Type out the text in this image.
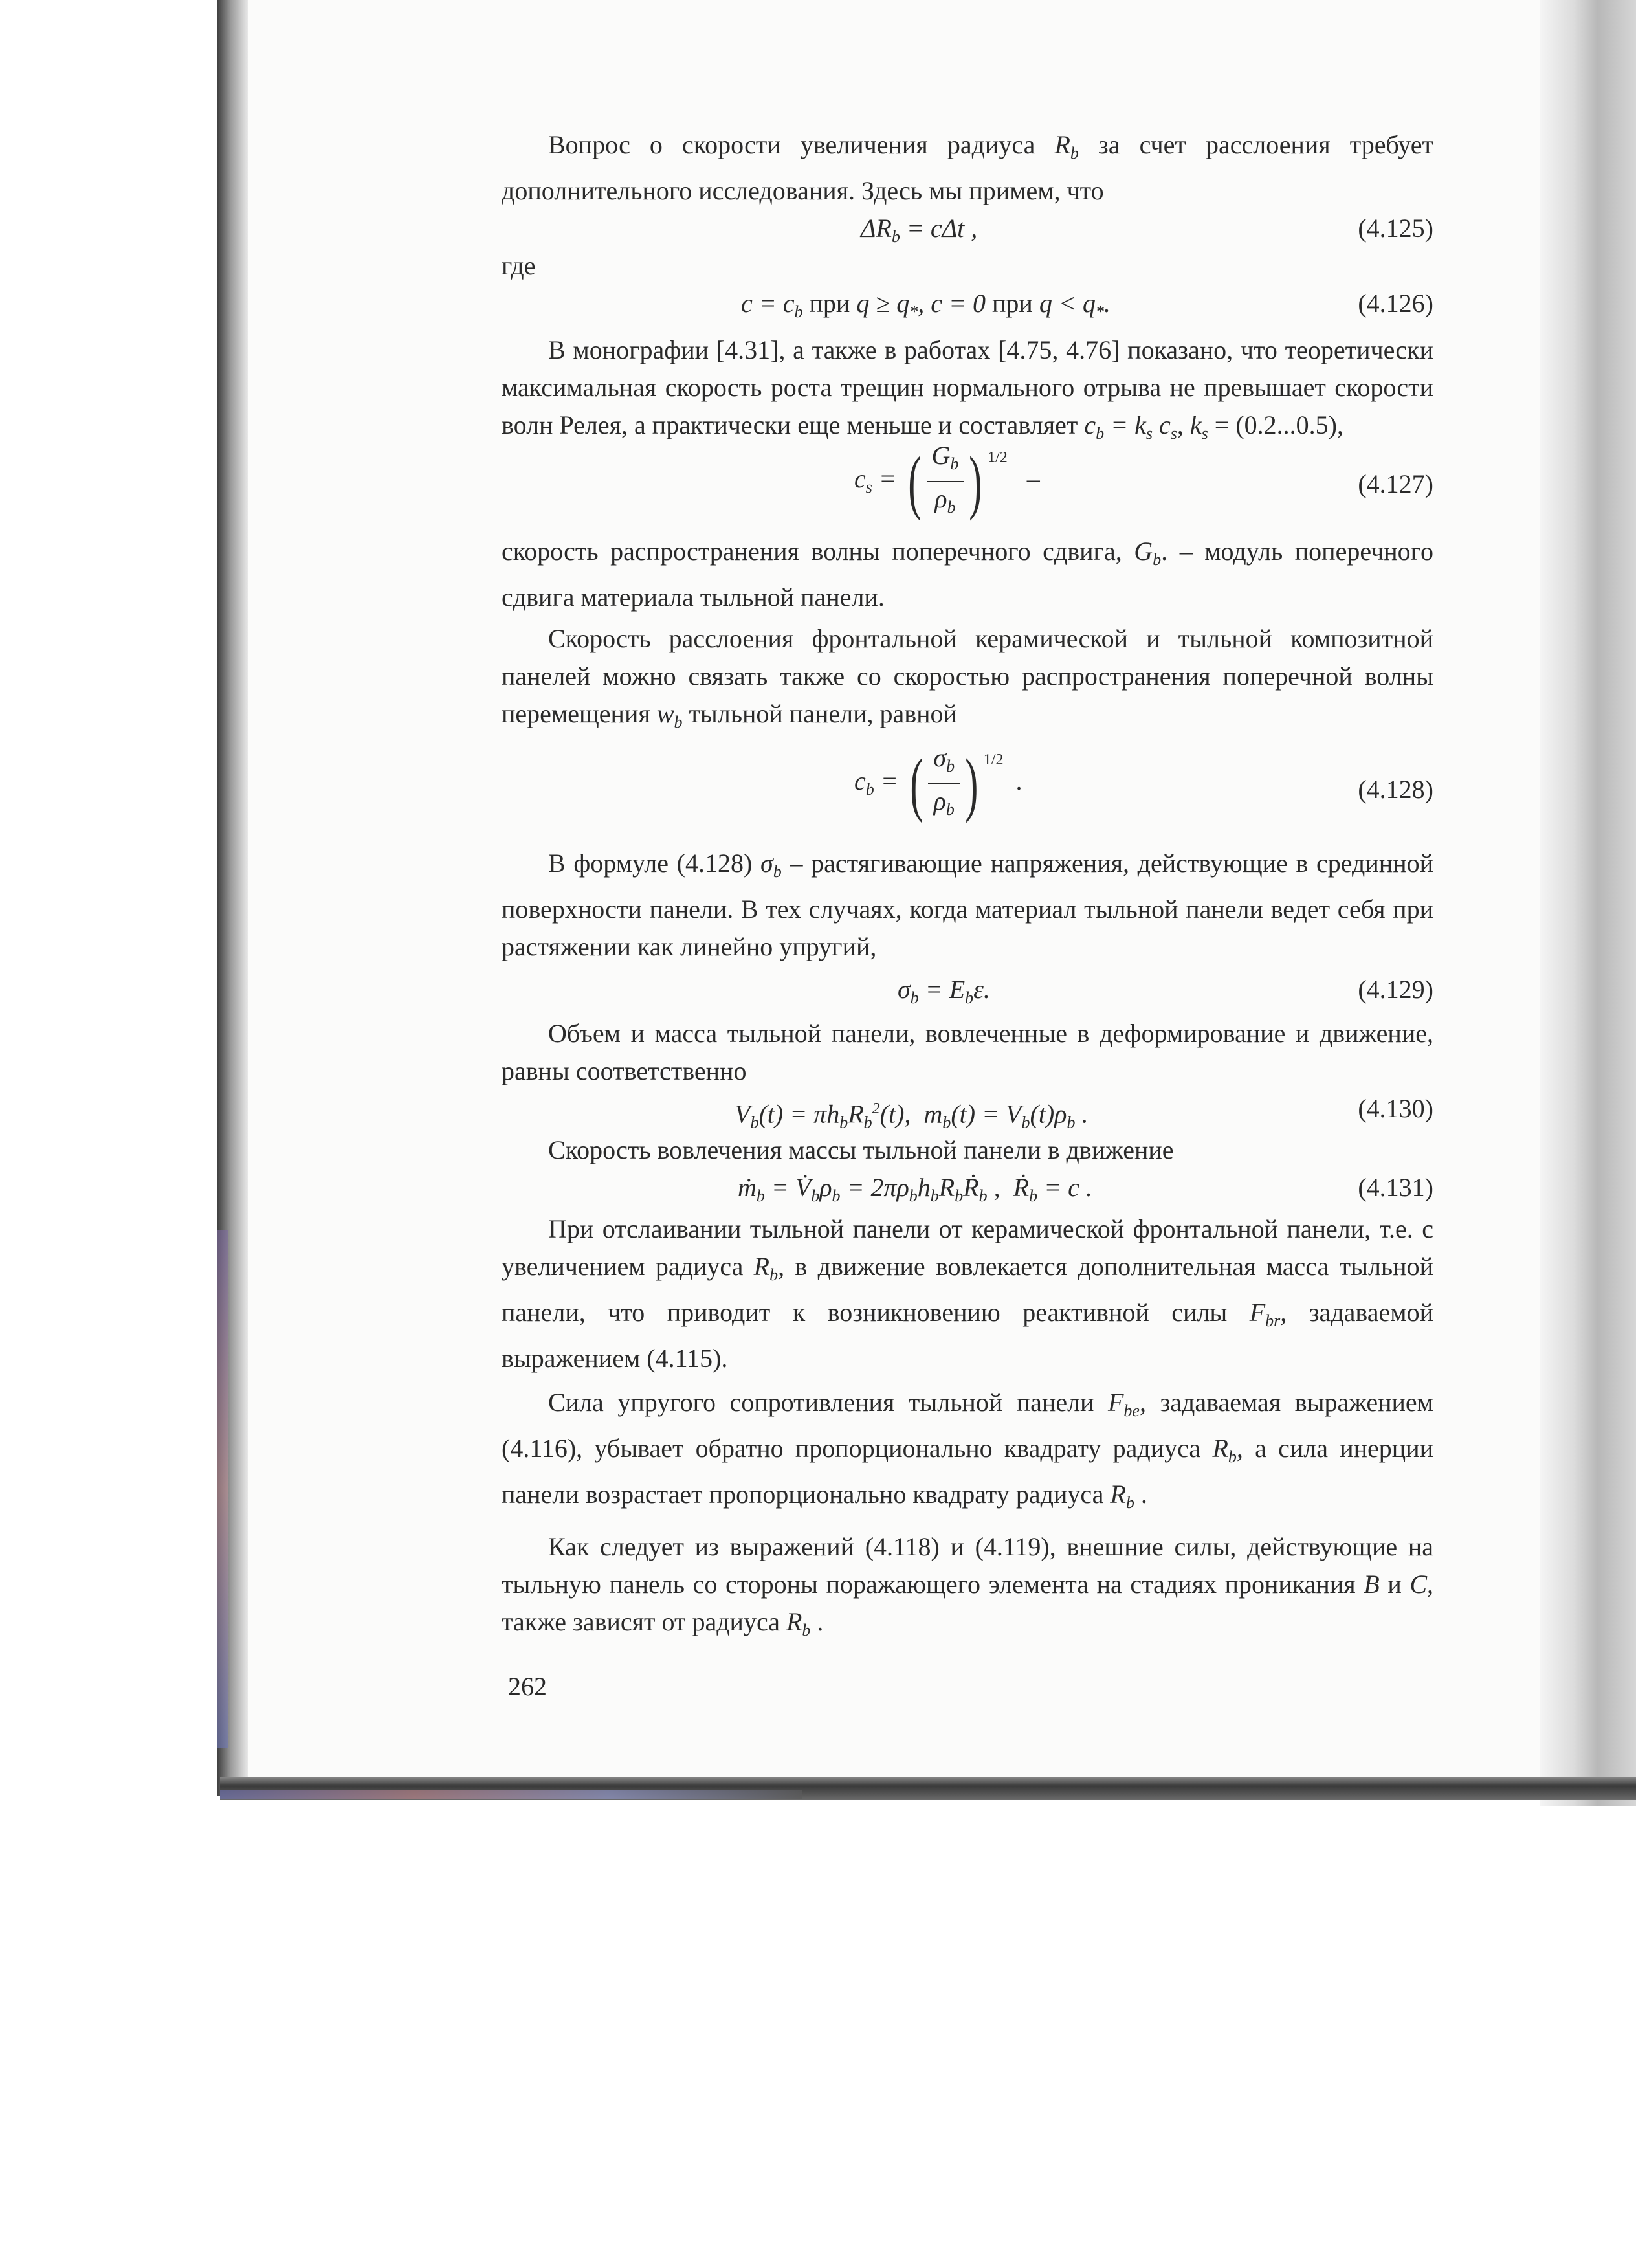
Вопрос о скорости увеличения радиуса $R_b$ за счет расслоения требует дополнительного исследования. Здесь мы примем, что

$\Delta R_b = c\Delta t$ ,	(4.125)

где

$c = c_b$ при $q \ge q_*$, c = 0 при $q < q_*$.	(4.126)

В монографии [4.31], а также в работах [4.75, 4.76] показано, что теоретически максимальная скорость роста трещин нормального отрыва не превышает скорости волн Релея, а практически еще меньше и составляет $c_b = k_s$ $c_s$, $k_s = (0.2...0.5)$,

$c_s$ = ( $\frac{G_b}{\rho_b}$ ) $^{1/2}$   –	(4.127)

скорость распространения волны поперечного сдвига, $G_b$. – модуль поперечного сдвига материала тыльной панели.

Скорость расслоения фронтальной керамической и тыльной композитной панелей можно связать также со скоростью распространения поперечной волны перемещения $w_b$ тыльной панели, равной

$c_b$ = ( $\frac{\sigma_b}{\rho_b}$ ) $^{1/2}$  .	(4.128)

В формуле (4.128) $\sigma_b$ – растягивающие напряжения, действующие в срединной поверхности панели. В тех случаях, когда материал тыльной панели ведет себя при растяжении как линейно упругий,

$\sigma_b = E_b\varepsilon$.	(4.129)

Объем и масса тыльной панели, вовлеченные в деформирование и движение, равны соответственно

$V_b(t) = \pi h_bR_b^2(t)$,  $m_b(t) = V_b(t)\rho_b$ .	(4.130)

Скорость вовлечения массы тыльной панели в движение

ṁ$_b$ = $V̇_b\rho_b$ = $2\pi\rho_bh_bR_bṘ_b$ ,  Ṙ$_b$ = c .	(4.131)

При отслаивании тыльной панели от керамической фронтальной панели, т.е. с увеличением радиуса $R_b$, в движение вовлекается дополнительная масса тыльной панели, что приводит к возникновению реактивной силы $F_{br}$, задаваемой выражением (4.115).

Сила упругого сопротивления тыльной панели $F_{be}$, задаваемая выражением (4.116), убывает обратно пропорционально квадрату радиуса $R_b$, а сила инерции панели возрастает пропорционально квадрату радиуса $R_b$ .

Как следует из выражений (4.118) и (4.119), внешние силы, действующие на тыльную панель со стороны поражающего элемента на стадиях проникания B и C, также зависят от радиуса $R_b$ .

262
